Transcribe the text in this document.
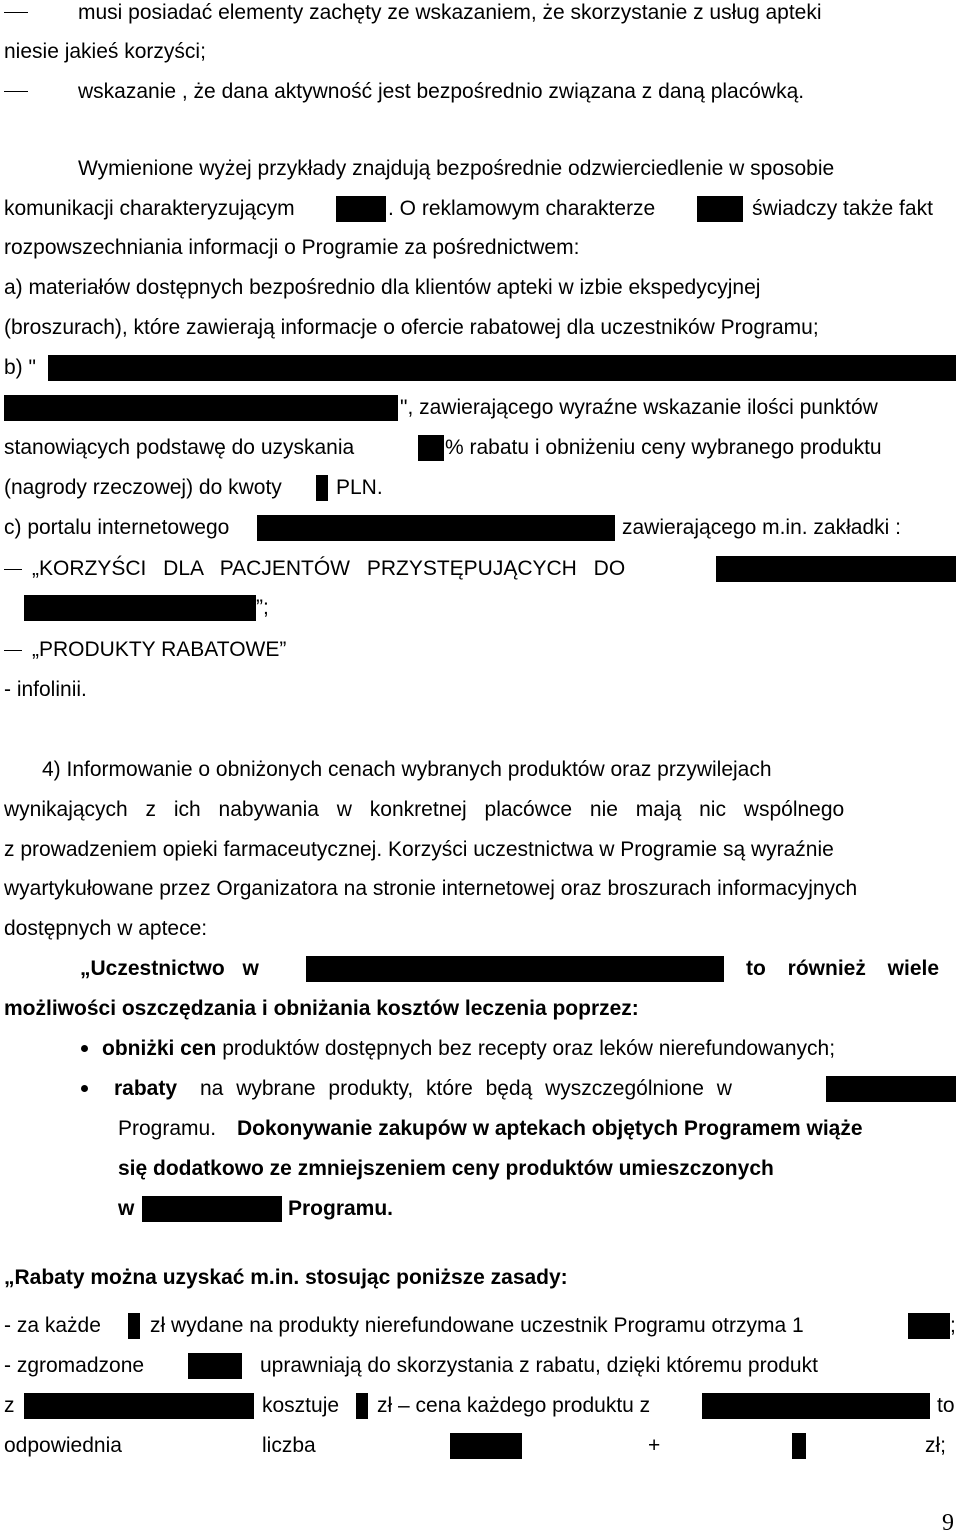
musi posiadać elementy zachęty ze wskazaniem, że skorzystanie z usług apteki
niesie jakieś korzyści;
wskazanie , że dana aktywność jest bezpośrednio związana z daną placówką.
Wymienione wyżej przykłady znajdują bezpośrednie odzwierciedlenie w sposobie
komunikacji charakteryzującym	. O reklamowym charakterze	świadczy także fakt
rozpowszechniania informacji o Programie za pośrednictwem:
a) materiałów dostępnych bezpośrednio dla klientów apteki w izbie ekspedycyjnej
(broszurach), które zawierają informacje o ofercie rabatowej dla uczestników Programu;
b) "
", zawierającego wyraźne wskazanie ilości punktów
stanowiących podstawę do uzyskania	% rabatu i obniżeniu ceny wybranego produktu
(nagrody rzeczowej) do kwoty	PLN.
c) portalu internetowego	zawierającego m.in. zakładki :
„KORZYŚCI DLA PACJENTÓW PRZYSTĘPUJĄCYCH DO
”;
„PRODUKTY RABATOWE”
- infolinii.
4) Informowanie o obniżonych cenach wybranych produktów oraz przywilejach
wynikających z ich nabywania w konkretnej placówce nie mają nic wspólnego
z prowadzeniem opieki farmaceutycznej. Korzyści uczestnictwa w Programie są wyraźnie
wyartykułowane przez Organizatora na stronie internetowej oraz broszurach informacyjnych
dostępnych w aptece:
„Uczestnictwo w	to również wiele
możliwości oszczędzania i obniżania kosztów leczenia poprzez:
obniżki cen produktów dostępnych bez recepty oraz leków nierefundowanych;
rabaty na wybrane produkty, które będą wyszczególnione w
Programu. Dokonywanie zakupów w aptekach objętych Programem wiąże
się dodatkowo ze zmniejszeniem ceny produktów umieszczonych
w	Programu.
„Rabaty można uzyskać m.in. stosując poniższe zasady:
- za każde zł wydane na produkty nierefundowane uczestnik Programu otrzyma 1	;
- zgromadzone	uprawniają do skorzystania z rabatu, dzięki któremu produkt
z	kosztuje zł – cena każdego produktu z	to
odpowiednia	liczba	+	zł;
9
